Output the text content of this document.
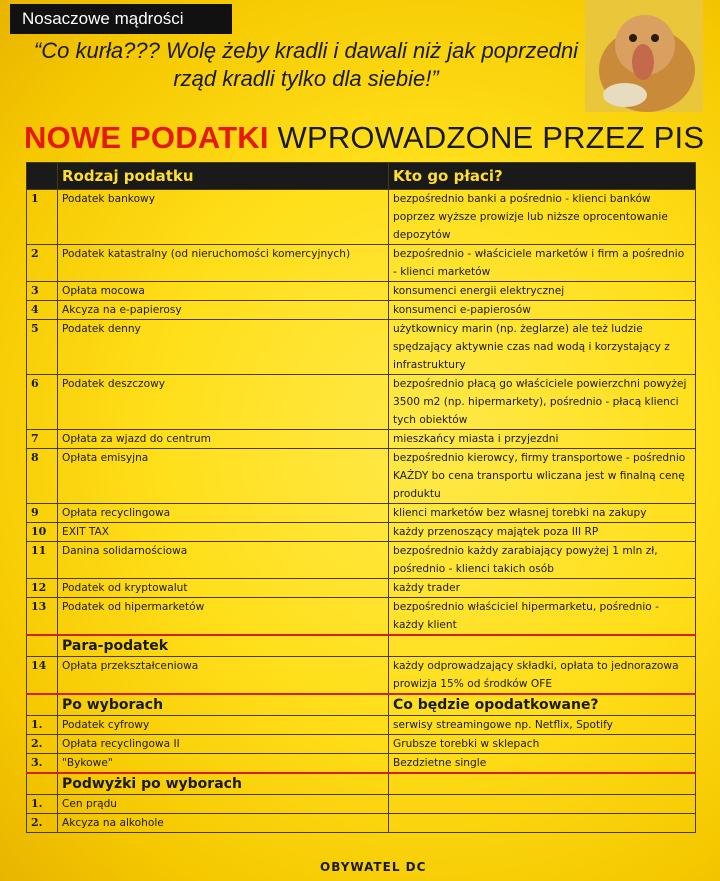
Nosaczowe mądrości
“Co kurła??? Wolę żeby kradli i dawali niż jak poprzedni rząd kradli tylko dla siebie!”
NOWE PODATKI WPROWADZONE PRZEZ PIS
	Rodzaj podatku	Kto go płaci?
1	Podatek bankowy	bezpośrednio banki a pośrednio - klienci banków poprzez wyższe prowizje lub niższe oprocentowanie depozytów
2	Podatek katastralny (od nieruchomości komercyjnych)	bezpośrednio - właściciele marketów i firm a pośrednio - klienci marketów
3	Opłata mocowa	konsumenci energii elektrycznej
4	Akcyza na e-papierosy	konsumenci e-papierosów
5	Podatek denny	użytkownicy marin (np. żeglarze) ale też ludzie spędzający aktywnie czas nad wodą i korzystający z infrastruktury
6	Podatek deszczowy	bezpośrednio płacą go właściciele powierzchni powyżej 3500 m2 (np. hipermarkety), pośrednio - płacą klienci tych obiektów
7	Opłata za wjazd do centrum	mieszkańcy miasta i przyjezdni
8	Opłata emisyjna	bezpośrednio kierowcy, firmy transportowe - pośrednio KAŻDY bo cena transportu wliczana jest w finalną cenę produktu
9	Opłata recyclingowa	klienci marketów bez własnej torebki na zakupy
10	EXIT TAX	każdy przenoszący majątek poza III RP
11	Danina solidarnościowa	bezpośrednio każdy zarabiający powyżej 1 mln zł, pośrednio - klienci takich osób
12	Podatek od kryptowalut	każdy trader
13	Podatek od hipermarketów	bezpośrednio właściciel hipermarketu, pośrednio - każdy klient
	Para-podatek	
14	Opłata przekształceniowa	każdy odprowadzający składki, opłata to jednorazowa prowizja 15% od środków OFE
	Po wyborach	Co będzie opodatkowane?
1.	Podatek cyfrowy	serwisy streamingowe np. Netflix, Spotify
2.	Opłata recyclingowa II	Grubsze torebki w sklepach
3.	"Bykowe"	Bezdzietne single
	Podwyżki po wyborach	
1.	Cen prądu	
2.	Akcyza na alkohole	
OBYWATEL DC
